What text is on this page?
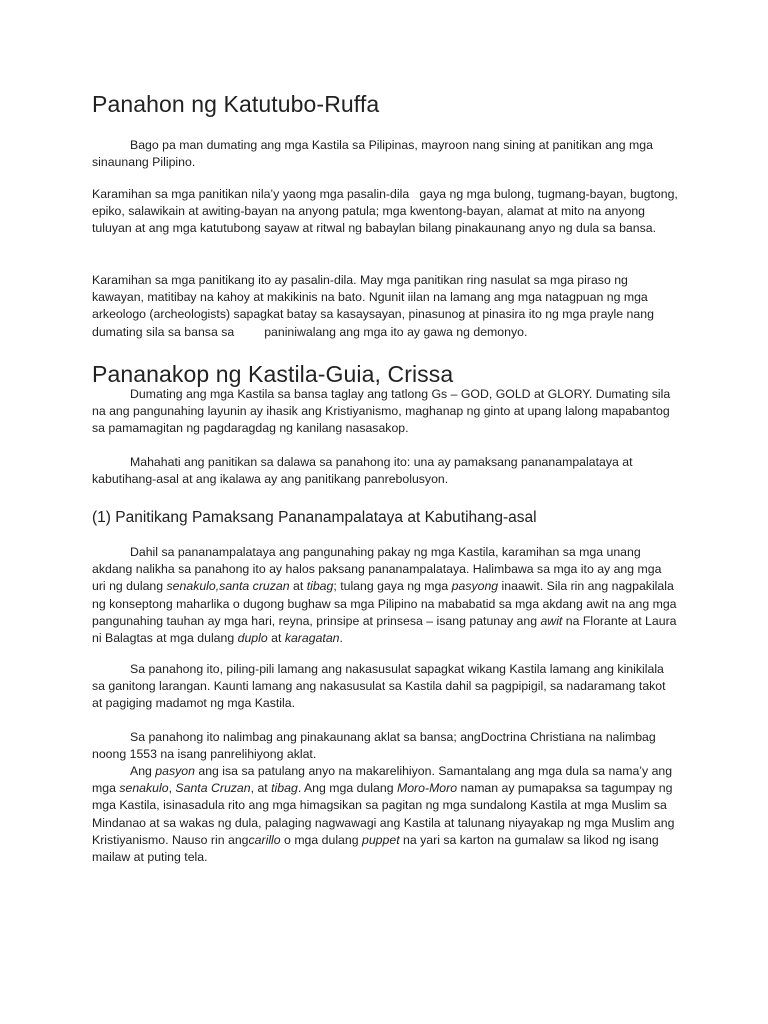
Panahon ng Katutubo-Ruffa

Bago pa man dumating ang mga Kastila sa Pilipinas, mayroon nang sining at panitikan ang mga sinaunang Pilipino.

Karamihan sa mga panitikan nila’y yaong mga pasalin-dila   gaya ng mga bulong, tugmang-bayan, bugtong, epiko, salawikain at awiting-bayan na anyong patula; mga kwentong-bayan, alamat at mito na anyong tuluyan at ang mga katutubong sayaw at ritwal ng babaylan bilang pinakaunang anyo ng dula sa bansa.

Karamihan sa mga panitikang ito ay pasalin-dila. May mga panitikan ring nasulat sa mga piraso ng kawayan, matitibay na kahoy at makikinis na bato. Ngunit iilan na lamang ang mga natagpuan ng mga arkeologo (archeologists) sapagkat batay sa kasaysayan, pinasunog at pinasira ito ng mga prayle nang dumating sila sa bansa sa paniniwalang ang mga ito ay gawa ng demonyo.

Pananakop ng Kastila-Guia, Crissa

Dumating ang mga Kastila sa bansa taglay ang tatlong Gs – GOD, GOLD at GLORY. Dumating sila na ang pangunahing layunin ay ihasik ang Kristiyanismo, maghanap ng ginto at upang lalong mapabantog sa pamamagitan ng pagdaragdag ng kanilang nasasakop.

Mahahati ang panitikan sa dalawa sa panahong ito: una ay pamaksang pananampalataya at kabutihang-asal at ang ikalawa ay ang panitikang panrebolusyon.

(1) Panitikang Pamaksang Pananampalataya at Kabutihang-asal

Dahil sa pananampalataya ang pangunahing pakay ng mga Kastila, karamihan sa mga unang akdang nalikha sa panahong ito ay halos paksang pananampalataya. Halimbawa sa mga ito ay ang mga uri ng dulang senakulo,santa cruzan at tibag; tulang gaya ng mga pasyong inaawit. Sila rin ang nagpakilala ng konseptong maharlika o dugong bughaw sa mga Pilipino na mababatid sa mga akdang awit na ang mga pangunahing tauhan ay mga hari, reyna, prinsipe at prinsesa – isang patunay ang awit na Florante at Laura ni Balagtas at mga dulang duplo at karagatan.

Sa panahong ito, piling-pili lamang ang nakasusulat sapagkat wikang Kastila lamang ang kinikilala sa ganitong larangan. Kaunti lamang ang nakasusulat sa Kastila dahil sa pagpipigil, sa nadaramang takot at pagiging madamot ng mga Kastila.

Sa panahong ito nalimbag ang pinakaunang aklat sa bansa; angDoctrina Christiana na nalimbag noong 1553 na isang panrelihiyong aklat.

Ang pasyon ang isa sa patulang anyo na makarelihiyon. Samantalang ang mga dula sa nama’y ang mga senakulo, Santa Cruzan, at tibag. Ang mga dulang Moro-Moro naman ay pumapaksa sa tagumpay ng mga Kastila, isinasadula rito ang mga himagsikan sa pagitan ng mga sundalong Kastila at mga Muslim sa Mindanao at sa wakas ng dula, palaging nagwawagi ang Kastila at talunang niyayakap ng mga Muslim ang Kristiyanismo. Nauso rin angcarillo o mga dulang puppet na yari sa karton na gumalaw sa likod ng isang mailaw at puting tela.
